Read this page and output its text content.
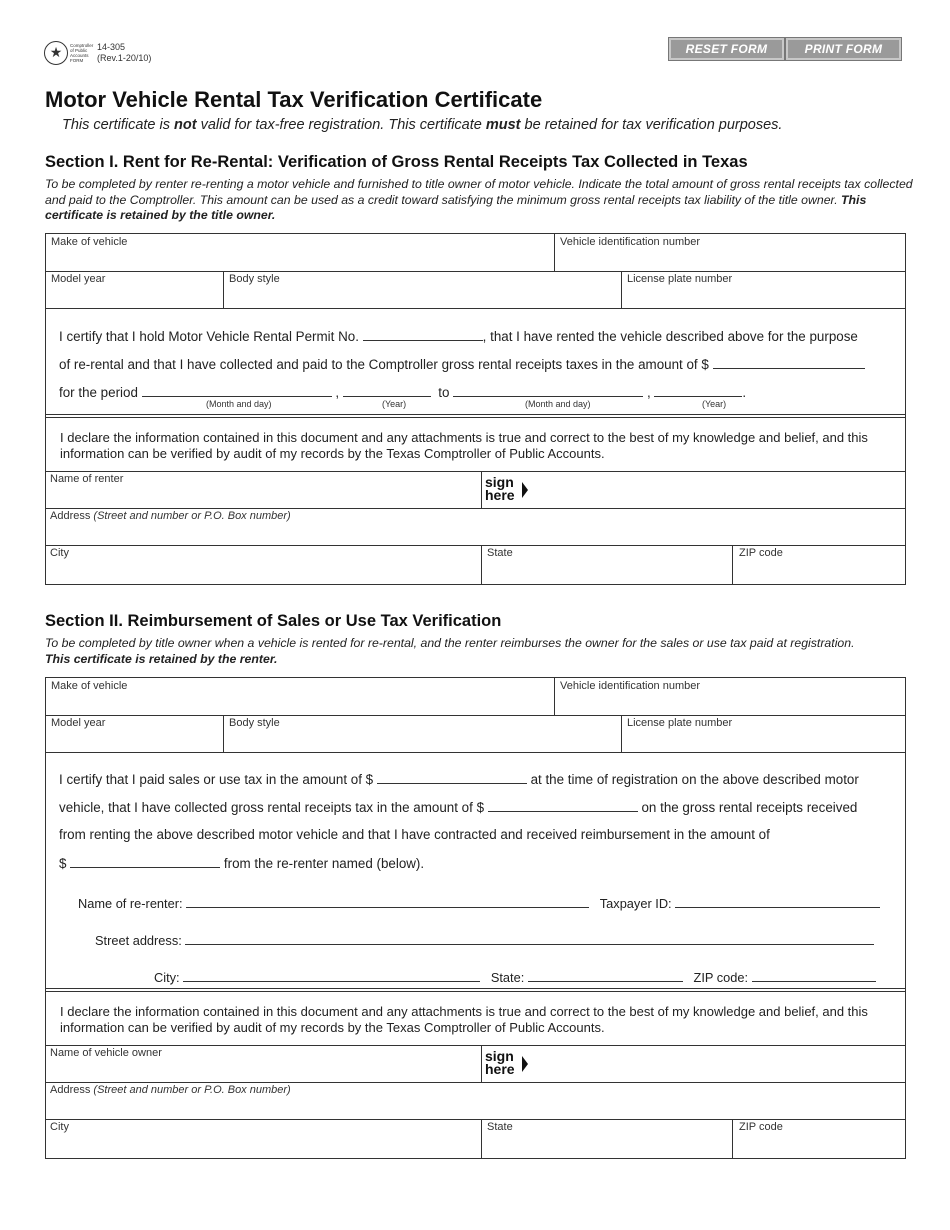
★	Comptroller of Public Accounts FORM
14-305
(Rev.1-20/10)
RESET FORM	PRINT FORM
Motor Vehicle Rental Tax Verification Certificate
This certificate is not valid for tax-free registration. This certificate must be retained for tax verification purposes.
Section I. Rent for Re-Rental: Verification of Gross Rental Receipts Tax Collected in Texas
To be completed by renter re-renting a motor vehicle and furnished to title owner of motor vehicle. Indicate the total amount of gross rental receipts tax collected and paid to the Comptroller. This amount can be used as a credit toward satisfying the minimum gross rental receipts tax liability of the title owner. This certificate is retained by the title owner.
Make of vehicle	Vehicle identification number
Model year	Body style	License plate number
I certify that I hold Motor Vehicle Rental Permit No.	, that I have rented the vehicle described above for the purpose
of re-rental and that I have collected and paid to the Comptroller gross rental receipts taxes in the amount of $
for the period	,	to	,	.
(Month and day)	(Year)	(Month and day)	(Year)
I declare the information contained in this document and any attachments is true and correct to the best of my knowledge and belief, and this information can be verified by audit of my records by the Texas Comptroller of Public Accounts.
Name of renter	sign
here
Address (Street and number or P.O. Box number)
City	State	ZIP code
Section II. Reimbursement of Sales or Use Tax Verification
To be completed by title owner when a vehicle is rented for re-rental, and the renter reimburses the owner for the sales or use tax paid at registration.
This certificate is retained by the renter.
Make of vehicle	Vehicle identification number
Model year	Body style	License plate number
I certify that I paid sales or use tax in the amount of $	at the time of registration on the above described motor
vehicle, that I have collected gross rental receipts tax in the amount of $	on the gross rental receipts received
from renting the above described motor vehicle and that I have contracted and received reimbursement in the amount of
$	from the re-renter named (below).
Name of re-renter:	Taxpayer ID:
Street address:
City:	State:	ZIP code:
I declare the information contained in this document and any attachments is true and correct to the best of my knowledge and belief, and this information can be verified by audit of my records by the Texas Comptroller of Public Accounts.
Name of vehicle owner	sign
here
Address (Street and number or P.O. Box number)
City	State	ZIP code
